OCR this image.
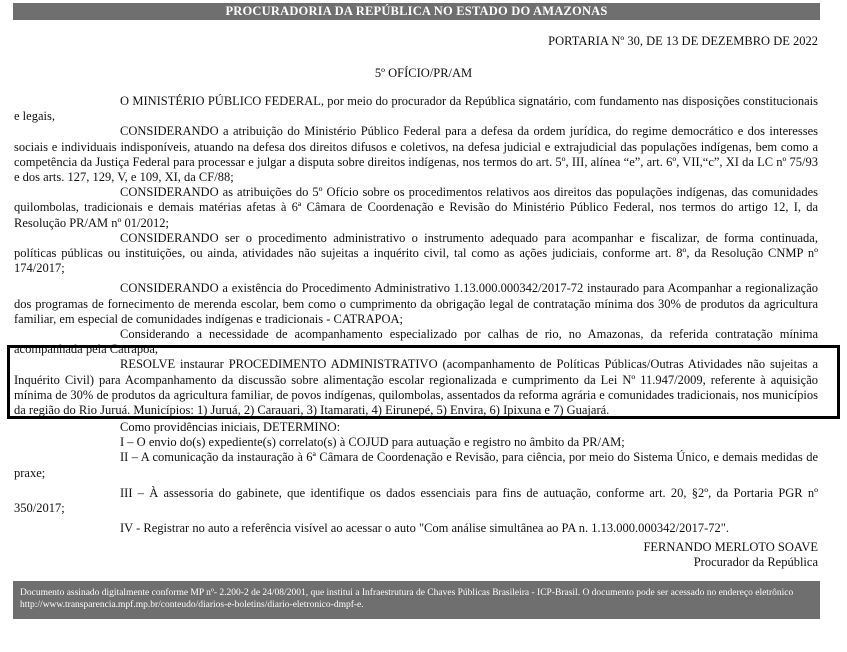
PROCURADORIA DA REPÚBLICA NO ESTADO DO AMAZONAS
PORTARIA Nº 30, DE 13 DE DEZEMBRO DE 2022
5º OFÍCIO/PR/AM

O MINISTÉRIO PÚBLICO FEDERAL, por meio do procurador da República signatário, com fundamento nas disposições constitucionais e legais,

CONSIDERANDO a atribuição do Ministério Público Federal para a defesa da ordem jurídica, do regime democrático e dos interesses sociais e individuais indisponíveis, atuando na defesa dos direitos difusos e coletivos, na defesa judicial e extrajudicial das populações indígenas, bem como a competência da Justiça Federal para processar e julgar a disputa sobre direitos indígenas, nos termos do art. 5º, III, alínea “e”, art. 6º, VII,“c”, XI da LC nº 75/93 e dos arts. 127, 129, V, e 109, XI, da CF/88;

CONSIDERANDO as atribuições do 5º Ofício sobre os procedimentos relativos aos direitos das populações indígenas, das comunidades quilombolas, tradicionais e demais matérias afetas à 6ª Câmara de Coordenação e Revisão do Ministério Público Federal, nos termos do artigo 12, I, da Resolução PR/AM nº 01/2012;

CONSIDERANDO ser o procedimento administrativo o instrumento adequado para acompanhar e fiscalizar, de forma continuada, políticas públicas ou instituições, ou ainda, atividades não sujeitas a inquérito civil, tal como as ações judiciais, conforme art. 8º, da Resolução CNMP nº 174/2017;

CONSIDERANDO a existência do Procedimento Administrativo 1.13.000.000342/2017-72 instaurado para Acompanhar a regionalização dos programas de fornecimento de merenda escolar, bem como o cumprimento da obrigação legal de contratação mínima dos 30% de produtos da agricultura familiar, em especial de comunidades indígenas e tradicionais - CATRAPOA;

Considerando a necessidade de acompanhamento especializado por calhas de rio, no Amazonas, da referida contratação mínima acompanhada pela Catrapoa,

RESOLVE instaurar PROCEDIMENTO ADMINISTRATIVO (acompanhamento de Políticas Públicas/Outras Atividades não sujeitas a Inquérito Civil) para Acompanhamento da discussão sobre alimentação escolar regionalizada e cumprimento da Lei Nº 11.947/2009, referente à aquisição mínima de 30% de produtos da agricultura familiar, de povos indígenas, quilombolas, assentados da reforma agrária e comunidades tradicionais, nos municípios da região do Rio Juruá. Municípios: 1) Juruá, 2) Carauari, 3) Itamarati, 4) Eirunepé, 5) Envira, 6) Ipixuna e 7) Guajará.

Como providências iniciais, DETERMINO:

I – O envio do(s) expediente(s) correlato(s) à COJUD para autuação e registro no âmbito da PR/AM;

II – A comunicação da instauração à 6ª Câmara de Coordenação e Revisão, para ciência, por meio do Sistema Único, e demais medidas de praxe;

III – À assessoria do gabinete, que identifique os dados essenciais para fins de autuação, conforme art. 20, §2º, da Portaria PGR nº 350/2017;

IV - Registrar no auto a referência visível ao acessar o auto "Com análise simultânea ao PA n. 1.13.000.000342/2017-72".

FERNANDO MERLOTO SOAVE
Procurador da República
Documento assinado digitalmente conforme MP nº- 2.200-2 de 24/08/2001, que institui a Infraestrutura de Chaves Públicas Brasileira - ICP-Brasil. O documento pode ser acessado no endereço eletrônico http://www.transparencia.mpf.mp.br/conteudo/diarios-e-boletins/diario-eletronico-dmpf-e.
